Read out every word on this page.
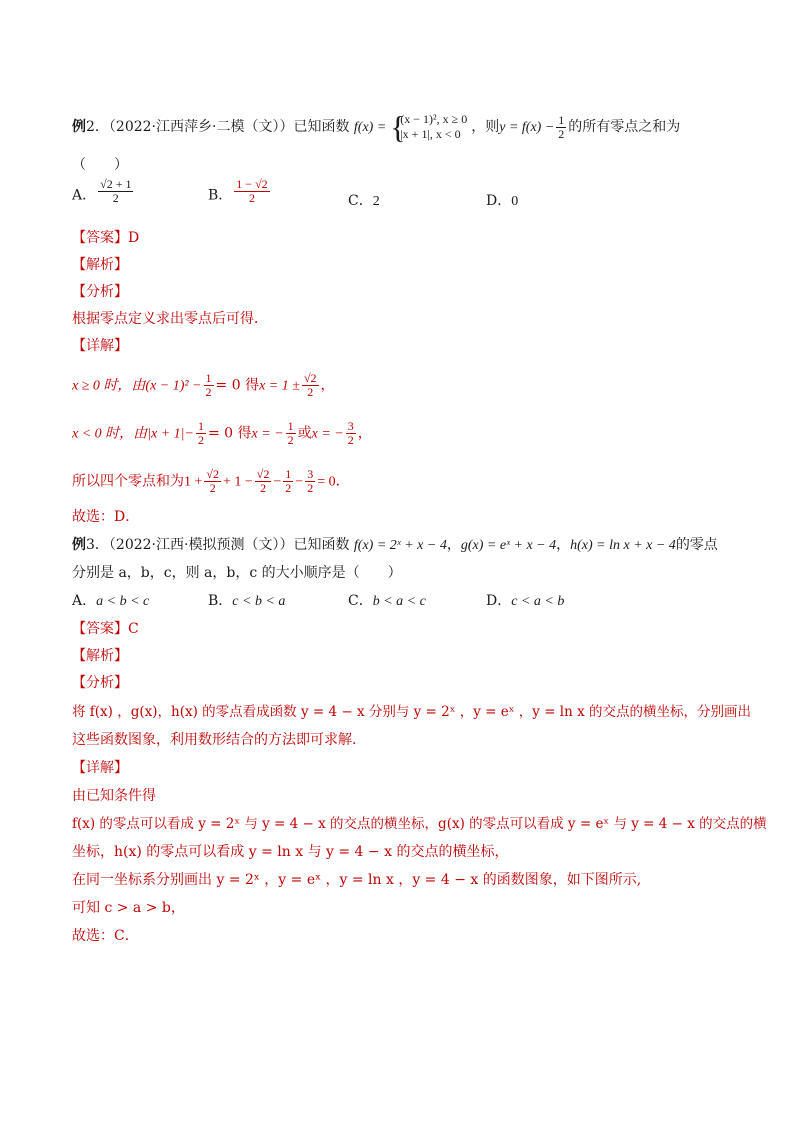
例2．（2022·江西萍乡·二模（文））已知函数 f(x) = {
(x − 1)², x ≥ 0
|x + 1|, x < 0 ，则$y = f(x) - \frac{1}{2}$ 的所有零点之和为
（　　）
A． $\frac{√2 + 1}{2}$	B． $\frac{1 - √2}{2}$	C．2	D．0
【答案】D
【解析】
【分析】
根据零点定义求出零点后可得．
【详解】
x ≥ 0 时，由$(x - 1)^2 - \frac{1}{2} = 0$ 得$x = 1 \pm \frac{√2}{2}$ ，
x < 0 时，由$|x + 1|- \frac{1}{2} = 0$ 得x = − $\frac{1}{2}$ 或x = − $\frac{3}{2}$ ，
所以四个零点和为$1 + \frac{√2}{2} + 1 - \frac{√2}{2} - \frac{1}{2} - \frac{3}{2} = 0$．
故选：D．
例3．（2022·江西·模拟预测（文））已知函数 f(x) = 2ˣ + x − 4，g(x) = eˣ + x − 4，h(x) = ln x + x − 4的零点
分别是 a，b，c，则 a，b，c 的大小顺序是（　　）
A．a < b < c	B．c < b < a	C．b < a < c	D．c < a < b
【答案】C
【解析】
【分析】
将 f(x) ，g(x)，h(x) 的零点看成函数 y = 4 − x 分别与 y = 2ˣ ，y = eˣ ，y = ln x 的交点的横坐标，分别画出
这些函数图象，利用数形结合的方法即可求解.
【详解】
由已知条件得
f(x) 的零点可以看成 y = 2ˣ 与 y = 4 − x 的交点的横坐标，g(x) 的零点可以看成 y = eˣ 与 y = 4 − x 的交点的横
坐标，h(x) 的零点可以看成 y = ln x 与 y = 4 − x 的交点的横坐标，
在同一坐标系分别画出 y = 2ˣ ，y = eˣ ，y = ln x ，y = 4 − x 的函数图象，如下图所示,
可知 c > a > b，
故选：C．
